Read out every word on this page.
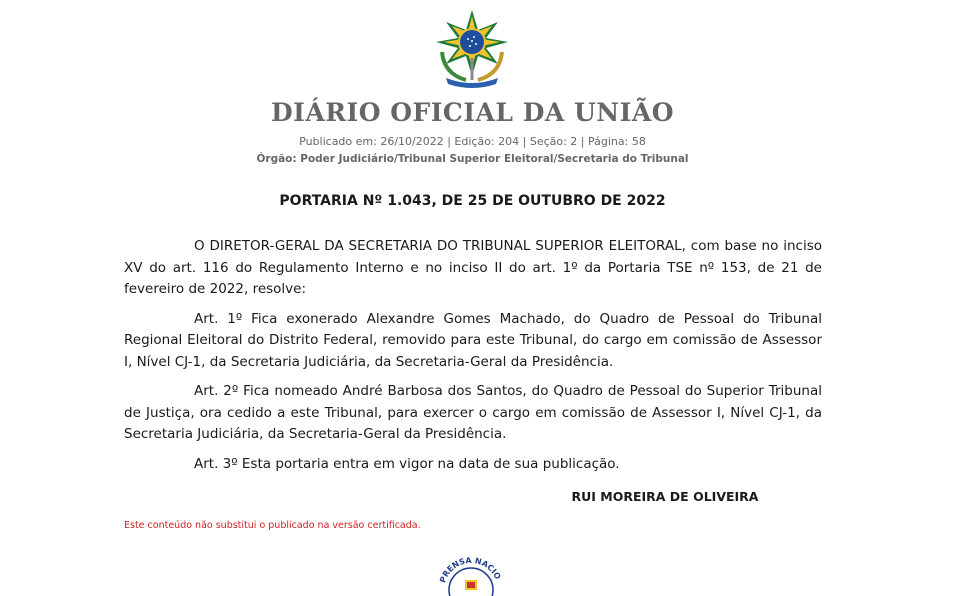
DIÁRIO OFICIAL DA UNIÃO
Publicado em: 26/10/2022 | Edição: 204 | Seção: 2 | Página: 58
Órgão: Poder Judiciário/Tribunal Superior Eleitoral/Secretaria do Tribunal
PORTARIA Nº 1.043, DE 25 DE OUTUBRO DE 2022

O DIRETOR-GERAL DA SECRETARIA DO TRIBUNAL SUPERIOR ELEITORAL, com base no inciso XV do art. 116 do Regulamento Interno e no inciso II do art. 1º da Portaria TSE nº 153, de 21 de fevereiro de 2022, resolve:

Art. 1º Fica exonerado Alexandre Gomes Machado, do Quadro de Pessoal do Tribunal Regional Eleitoral do Distrito Federal, removido para este Tribunal, do cargo em comissão de Assessor I, Nível CJ-1, da Secretaria Judiciária, da Secretaria-Geral da Presidência.

Art. 2º Fica nomeado André Barbosa dos Santos, do Quadro de Pessoal do Superior Tribunal de Justiça, ora cedido a este Tribunal, para exercer o cargo em comissão de Assessor I, Nível CJ-1, da Secretaria Judiciária, da Secretaria-Geral da Presidência.

Art. 3º Esta portaria entra em vigor na data de sua publicação.

RUI MOREIRA DE OLIVEIRA
Este conteúdo não substitui o publicado na versão certificada.
PRENSA NACIO
